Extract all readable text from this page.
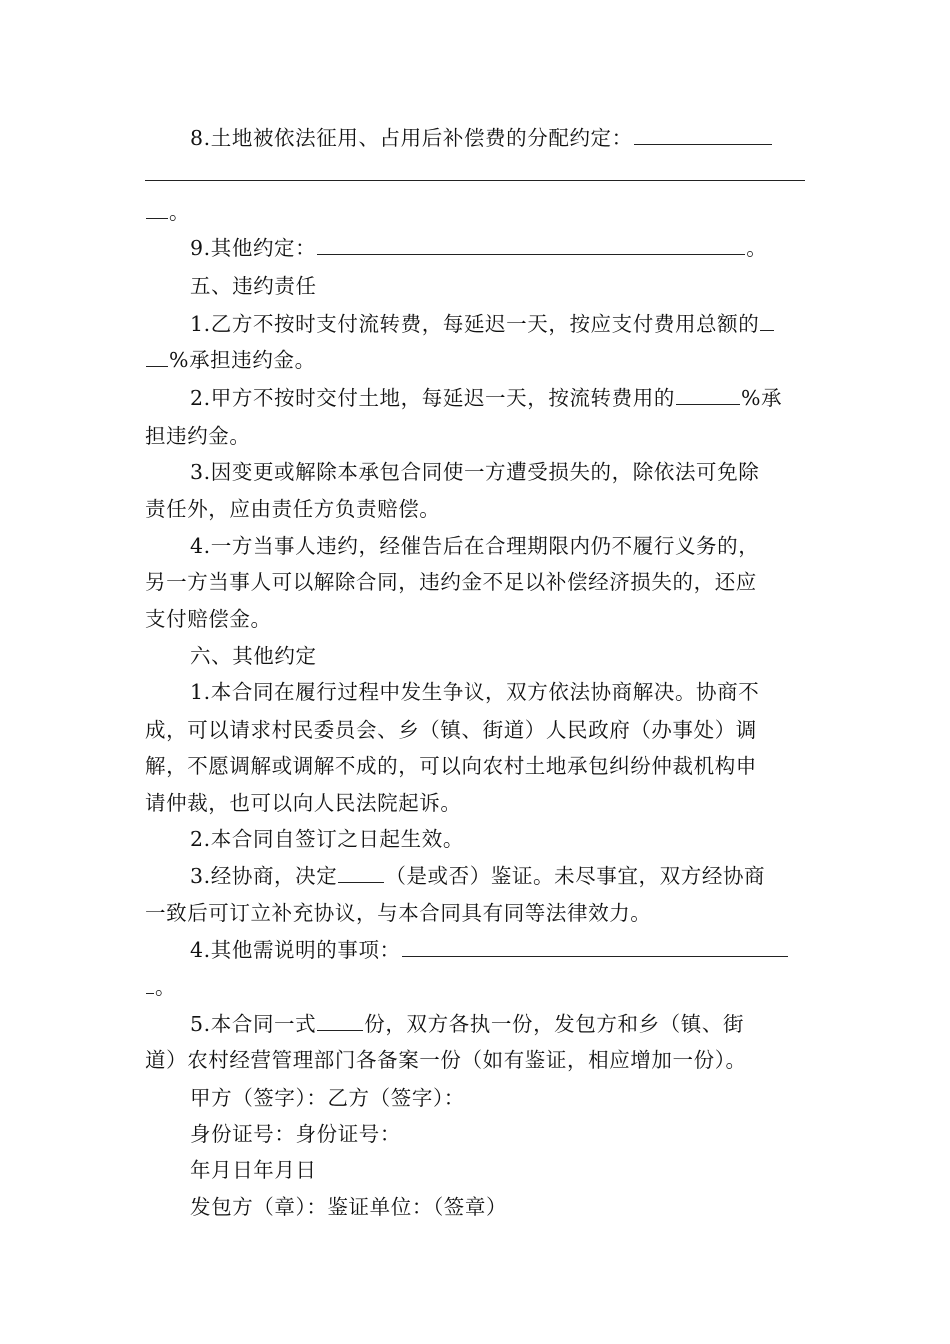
8.土地被依法征用、占用后补偿费的分配约定：
。
9.其他约定：	。
五、违约责任
1.乙方不按时支付流转费，每延迟一天，按应支付费用总额的
%承担违约金。
2.甲方不按时交付土地，每延迟一天，按流转费用的	%承
担违约金。
3.因变更或解除本承包合同使一方遭受损失的，除依法可免除
责任外，应由责任方负责赔偿。
4.一方当事人违约，经催告后在合理期限内仍不履行义务的，
另一方当事人可以解除合同，违约金不足以补偿经济损失的，还应
支付赔偿金。
六、其他约定
1.本合同在履行过程中发生争议，双方依法协商解决。协商不
成，可以请求村民委员会、乡（镇、街道）人民政府（办事处）调
解，不愿调解或调解不成的，可以向农村土地承包纠纷仲裁机构申
请仲裁，也可以向人民法院起诉。
2.本合同自签订之日起生效。
3.经协商，决定 （是或否）鉴证。未尽事宜，双方经协商
一致后可订立补充协议，与本合同具有同等法律效力。
4.其他需说明的事项：
。
5.本合同一式 份，双方各执一份，发包方和乡（镇、街
道）农村经营管理部门各备案一份（如有鉴证，相应增加一份）。
甲方（签字）：乙方（签字）：
身份证号：身份证号：
年月日年月日
发包方（章）：鉴证单位：（签章）
